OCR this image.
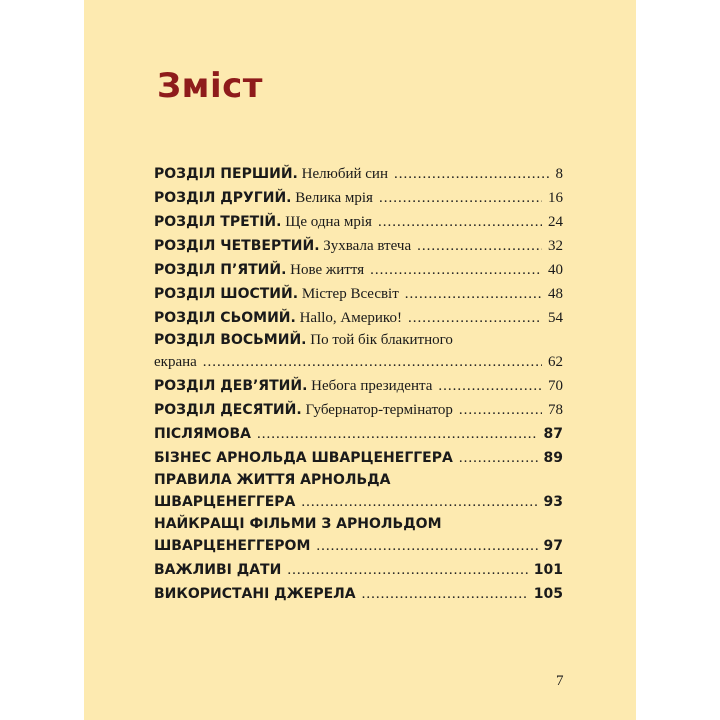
Зміст
РОЗДІЛ ПЕРШИЙ. Нелюбий син .....	8
РОЗДІЛ ДРУГИЙ. Велика мрія .....	16
РОЗДІЛ ТРЕТІЙ. Ще одна мрія .....	24
РОЗДІЛ ЧЕТВЕРТИЙ. Зухвала втеча .....	32
РОЗДІЛ П’ЯТИЙ. Нове життя .....	40
РОЗДІЛ ШОСТИЙ. Містер Всесвіт .....	48
РОЗДІЛ СЬОМИЙ. Hallo, Америко! .....	54
РОЗДІЛ ВОСЬМИЙ. По той бік блакитного
екрана .....	62
РОЗДІЛ ДЕВ’ЯТИЙ. Небога президента .....	70
РОЗДІЛ ДЕСЯТИЙ. Губернатор-термінатор .....	78
ПІСЛЯМОВА .....	87
БІЗНЕС АРНОЛЬДА ШВАРЦЕНЕГГЕРА .....	89
ПРАВИЛА ЖИТТЯ АРНОЛЬДА
ШВАРЦЕНЕГГЕРА .....	93
НАЙКРАЩІ ФІЛЬМИ З АРНОЛЬДОМ
ШВАРЦЕНЕГГЕРОМ .....	97
ВАЖЛИВІ ДАТИ .....	101
ВИКОРИСТАНІ ДЖЕРЕЛА .....	105
7
